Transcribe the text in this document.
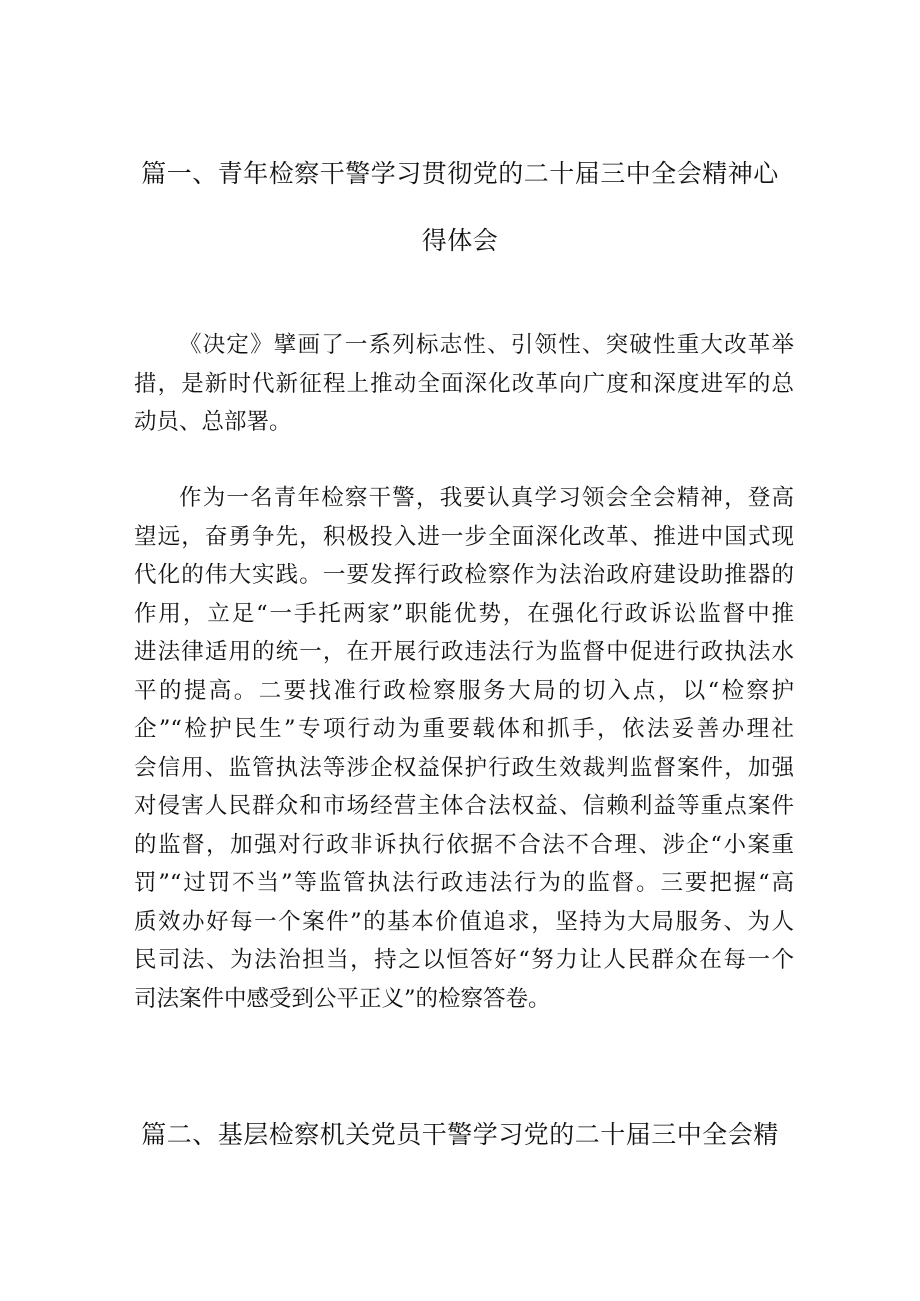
篇一、青年检察干警学习贯彻党的二十届三中全会精神心
得体会
《决定》擘画了一系列标志性、引领性、突破性重大改革举
措，是新时代新征程上推动全面深化改革向广度和深度进军的总
动员、总部署。
作为一名青年检察干警，我要认真学习领会全会精神，登高
望远，奋勇争先，积极投入进一步全面深化改革、推进中国式现
代化的伟大实践。一要发挥行政检察作为法治政府建设助推器的
作用，立足“一手托两家”职能优势，在强化行政诉讼监督中推
进法律适用的统一，在开展行政违法行为监督中促进行政执法水
平的提高。二要找准行政检察服务大局的切入点，以“检察护
企”“检护民生”专项行动为重要载体和抓手，依法妥善办理社
会信用、监管执法等涉企权益保护行政生效裁判监督案件，加强
对侵害人民群众和市场经营主体合法权益、信赖利益等重点案件
的监督，加强对行政非诉执行依据不合法不合理、涉企“小案重
罚”“过罚不当”等监管执法行政违法行为的监督。三要把握“高
质效办好每一个案件”的基本价值追求，坚持为大局服务、为人
民司法、为法治担当，持之以恒答好“努力让人民群众在每一个
司法案件中感受到公平正义”的检察答卷。
篇二、基层检察机关党员干警学习党的二十届三中全会精
